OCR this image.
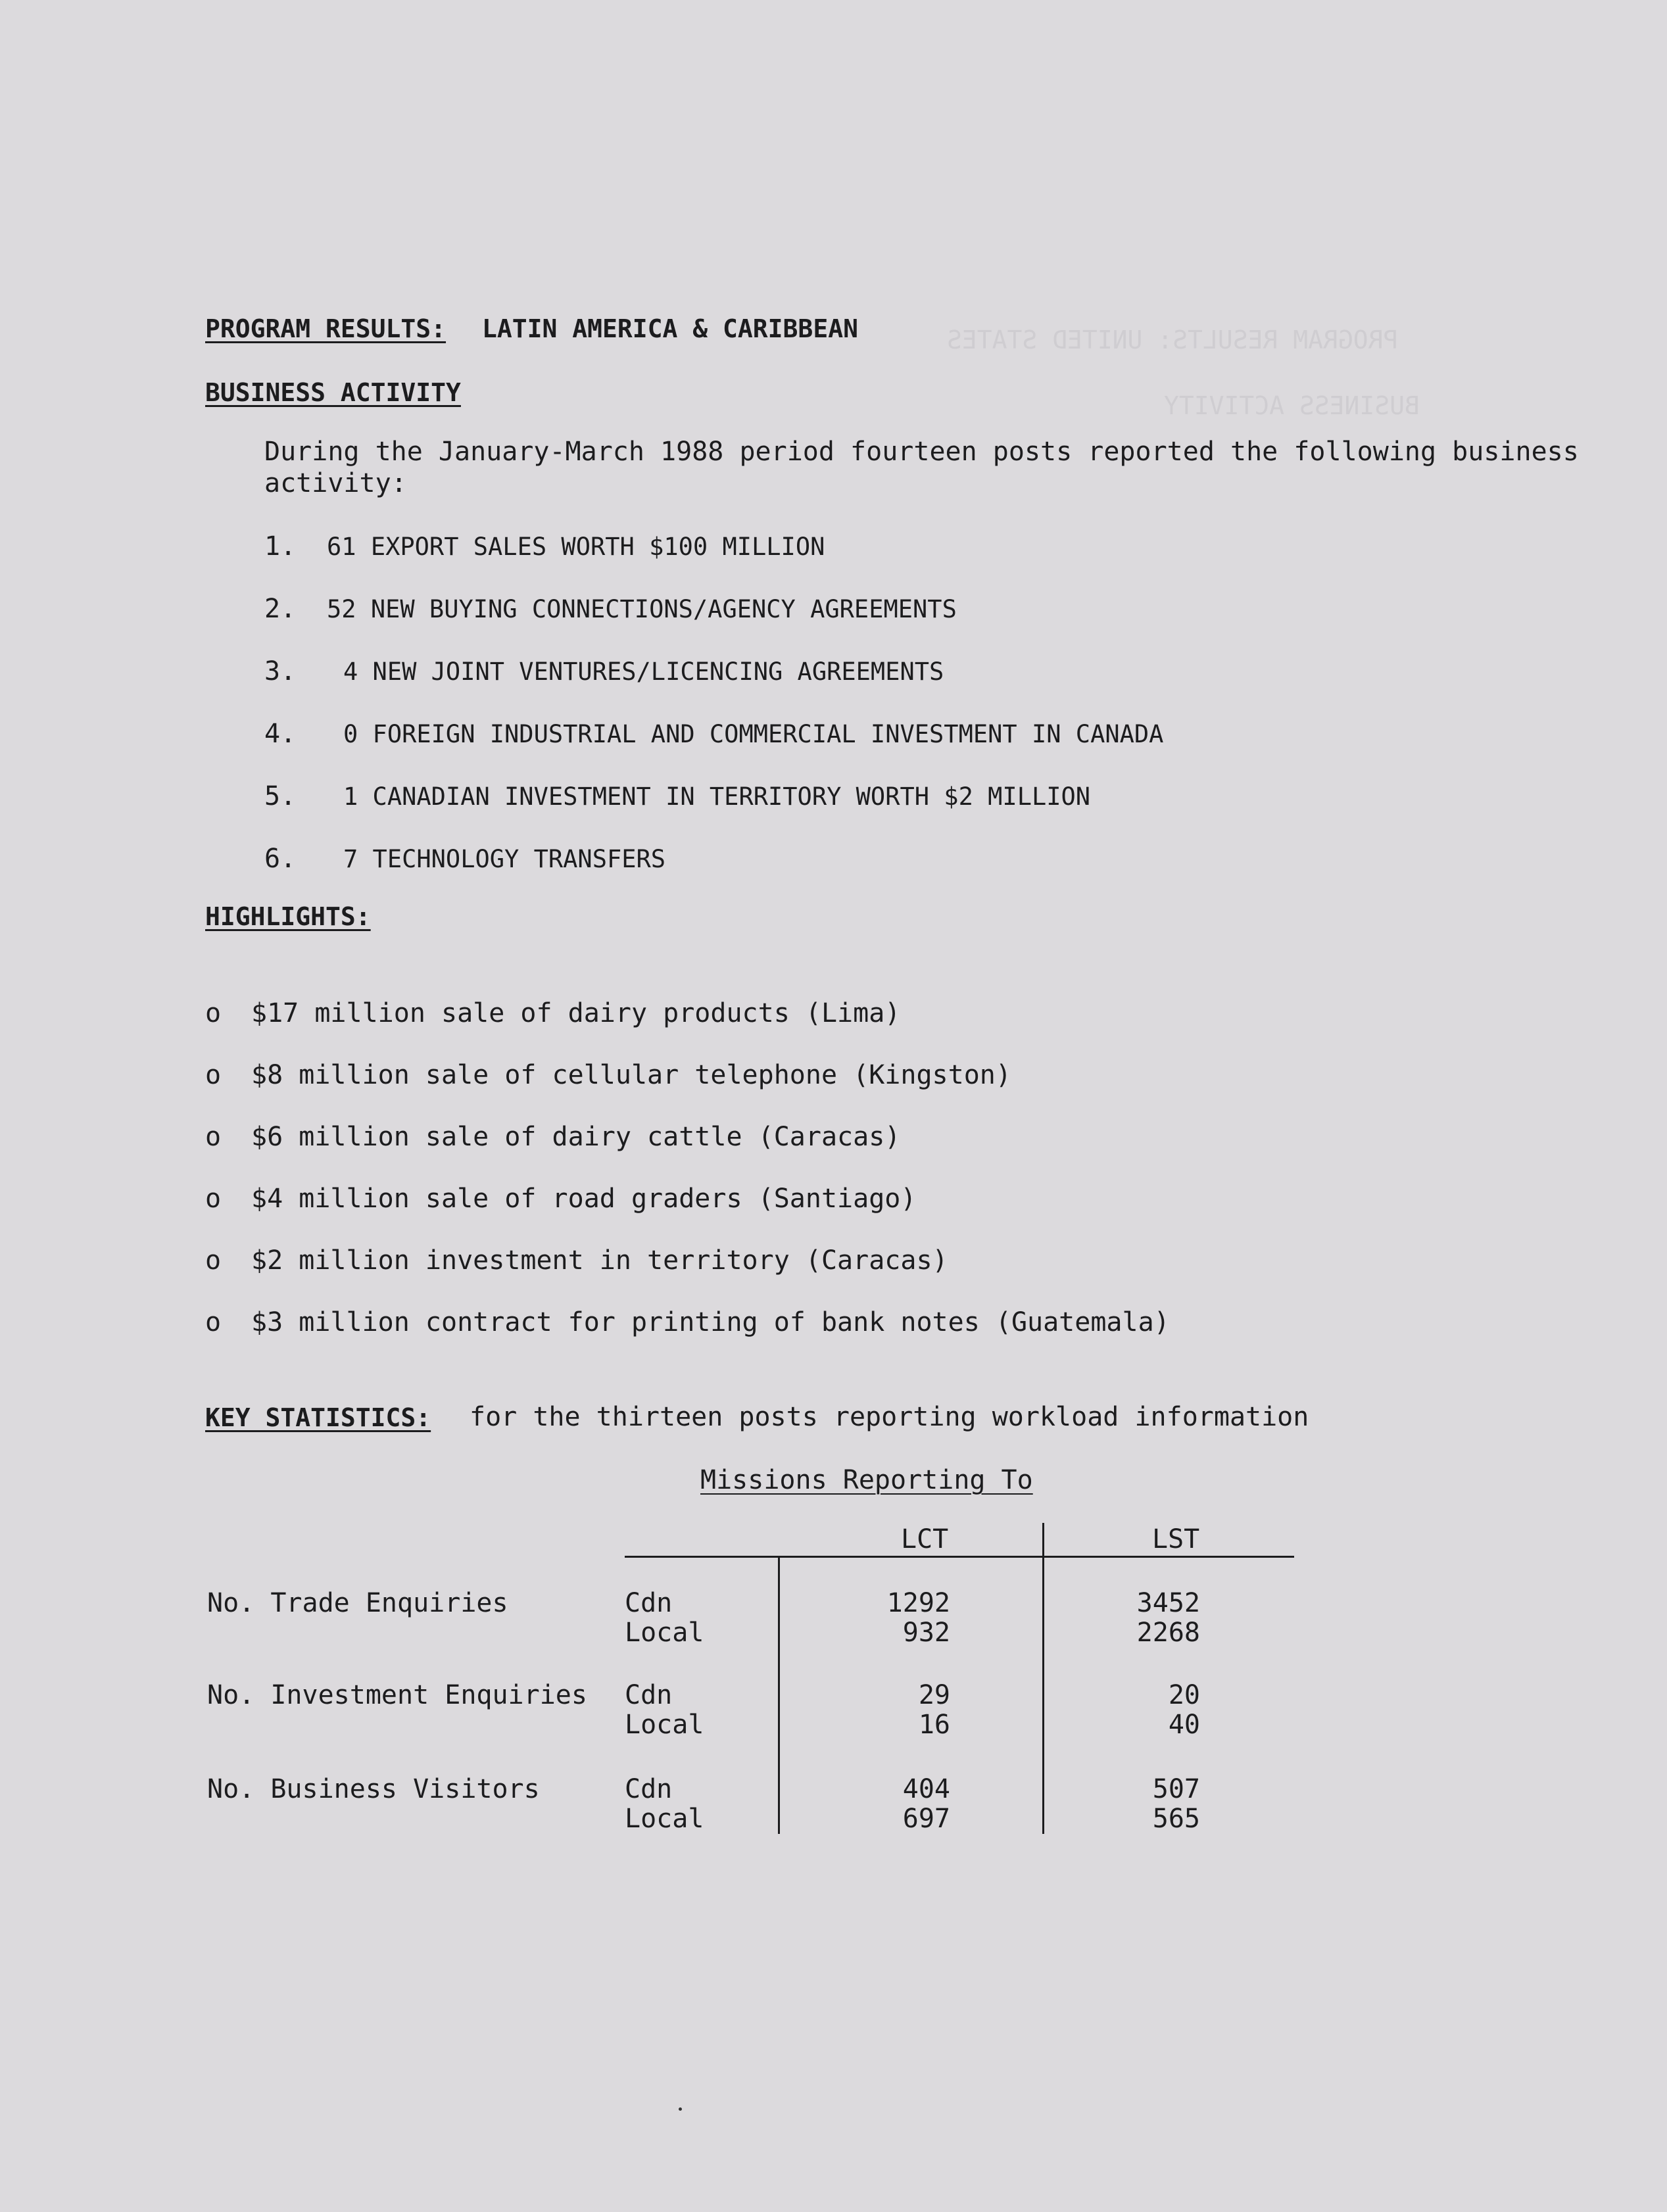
PROGRAM RESULTS: UNITED STATES
BUSINESS ACTIVITY
PROGRAM RESULTS: LATIN AMERICA & CARIBBEAN
BUSINESS ACTIVITY
During the January-March 1988 period fourteen posts reported the following business
activity:
1. 61 EXPORT SALES WORTH $100 MILLION
2. 52 NEW BUYING CONNECTIONS/AGENCY AGREEMENTS
3. 4 NEW JOINT VENTURES/LICENCING AGREEMENTS
4. 0 FOREIGN INDUSTRIAL AND COMMERCIAL INVESTMENT IN CANADA
5. 1 CANADIAN INVESTMENT IN TERRITORY WORTH $2 MILLION
6. 7 TECHNOLOGY TRANSFERS
HIGHLIGHTS:
o $17 million sale of dairy products (Lima)
o $8 million sale of cellular telephone (Kingston)
o $6 million sale of dairy cattle (Caracas)
o $4 million sale of road graders (Santiago)
o $2 million investment in territory (Caracas)
o $3 million contract for printing of bank notes (Guatemala)
KEY STATISTICS: for the thirteen posts reporting workload information
Missions Reporting To
LCT	LST
No. Trade Enquiries	Cdn	1292	3452
Local	932	2268
No. Investment Enquiries Cdn	29	20
Local	16	40
No. Business Visitors	Cdn	404	507
Local	697	565
